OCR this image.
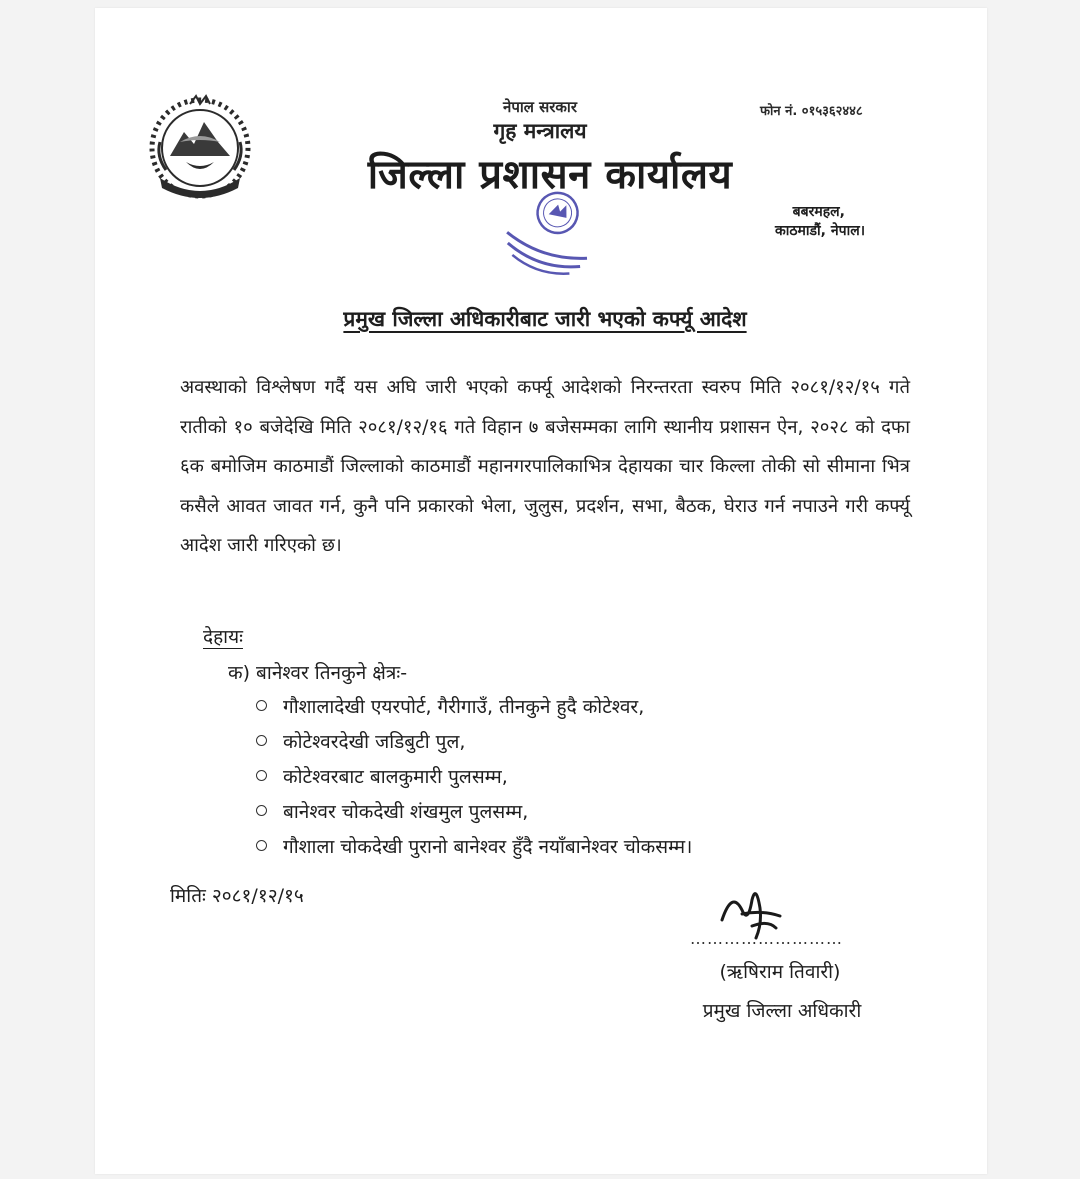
नेपाल सरकार	फोन नं. ०१५३६२४४८
गृह मन्त्रालय
जिल्ला प्रशासन कार्यालय
बबरमहल,
काठमाडौं, नेपाल।
प्रमुख जिल्ला अधिकारीबाट जारी भएको कर्फ्यू आदेश
अवस्थाको विश्लेषण गर्दै यस अघि जारी भएको कर्फ्यू आदेशको निरन्तरता स्वरुप मिति २०८१/१२/१५ गते रातीको १० बजेदेखि मिति २०८१/१२/१६ गते विहान ७ बजेसम्मका लागि स्थानीय प्रशासन ऐन, २०२८ को दफा ६क बमोजिम काठमाडौं जिल्लाको काठमाडौं महानगरपालिकाभित्र देहायका चार किल्ला तोकी सो सीमाना भित्र कसैले आवत जावत गर्न, कुनै पनि प्रकारको भेला, जुलुस, प्रदर्शन, सभा, बैठक, घेराउ गर्न नपाउने गरी कर्फ्यू आदेश जारी गरिएको छ।
देहायः
क) बानेश्वर तिनकुने क्षेत्रः-
गौशालादेखी एयरपोर्ट, गैरीगाउँ, तीनकुने हुदै कोटेश्वर,
कोटेश्वरदेखी जडिबुटी पुल,
कोटेश्वरबाट बालकुमारी पुलसम्म,
बानेश्वर चोकदेखी शंखमुल पुलसम्म,
गौशाला चोकदेखी पुरानो बानेश्वर हुँदै नयाँबानेश्वर चोकसम्म।
मितिः २०८१/१२/१५
………………………
(ऋषिराम तिवारी)
प्रमुख जिल्ला अधिकारी
